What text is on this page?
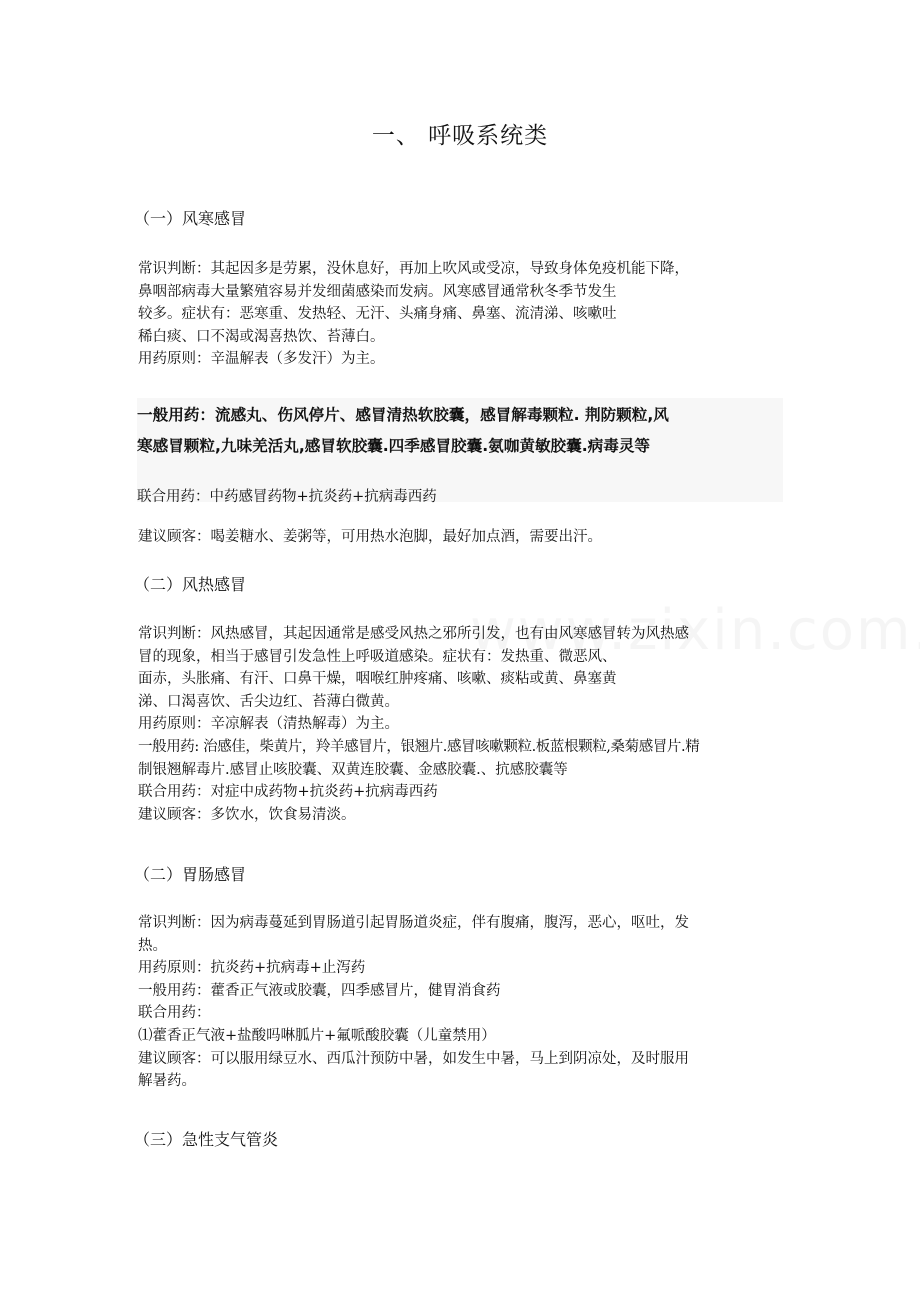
一、 呼吸系统类
（一）风寒感冒
常识判断：其起因多是劳累，没休息好，再加上吹风或受凉，导致身体免疫机能下降，
鼻咽部病毒大量繁殖容易并发细菌感染而发病。风寒感冒通常秋冬季节发生
较多。症状有：恶寒重、发热轻、无汗、头痛身痛、鼻塞、流清涕、咳嗽吐
稀白痰、口不渴或渴喜热饮、苔薄白。
用药原则：辛温解表（多发汗）为主。
一般用药：流感丸、伤风停片、感冒清热软胶囊，感冒解毒颗粒. 荆防颗粒,风
寒感冒颗粒,九味羌活丸,感冒软胶囊.四季感冒胶囊.氨咖黄敏胶囊.病毒灵等
联合用药：中药感冒药物+抗炎药+抗病毒西药
建议顾客：喝姜糖水、姜粥等，可用热水泡脚，最好加点酒，需要出汗。
（二）风热感冒
常识判断：风热感冒，其起因通常是感受风热之邪所引发，也有由风寒感冒转为风热感
冒的现象，相当于感冒引发急性上呼吸道感染。症状有：发热重、微恶风、
面赤，头胀痛、有汗、口鼻干燥，咽喉红肿疼痛、咳嗽、痰粘或黄、鼻塞黄
涕、口渴喜饮、舌尖边红、苔薄白微黄。
用药原则：辛凉解表（清热解毒）为主。
一般用药: 治感佳，柴黄片，羚羊感冒片，银翘片.感冒咳嗽颗粒.板蓝根颗粒,桑菊感冒片.精
制银翘解毒片.感冒止咳胶囊、双黄连胶囊、金感胶囊.、抗感胶囊等
联合用药：对症中成药物+抗炎药+抗病毒西药
建议顾客：多饮水，饮食易清淡。
（二）胃肠感冒
常识判断：因为病毒蔓延到胃肠道引起胃肠道炎症，伴有腹痛，腹泻，恶心，呕吐，发
热。
用药原则：抗炎药+抗病毒+止泻药
一般用药：藿香正气液或胶囊，四季感冒片，健胃消食药
联合用药：
⑴藿香正气液+盐酸吗啉胍片+氟哌酸胶囊（儿童禁用）
建议顾客：可以服用绿豆水、西瓜汁预防中暑，如发生中暑，马上到阴凉处，及时服用
解暑药。
（三）急性支气管炎
